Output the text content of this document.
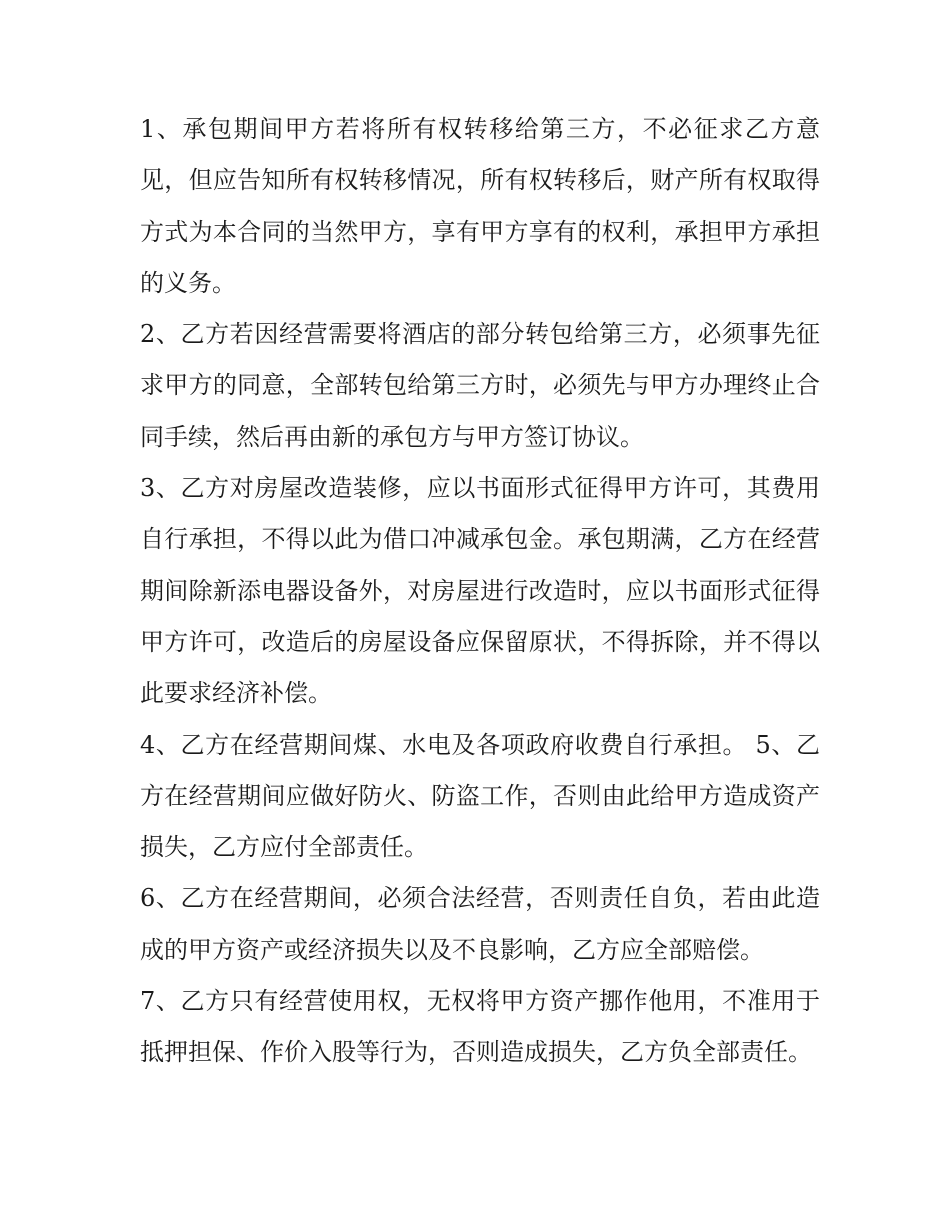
1、承包期间甲方若将所有权转移给第三方，不必征求乙方意见，但应告知所有权转移情况，所有权转移后，财产所有权取得方式为本合同的当然甲方，享有甲方享有的权利，承担甲方承担的义务。

2、乙方若因经营需要将酒店的部分转包给第三方，必须事先征求甲方的同意，全部转包给第三方时，必须先与甲方办理终止合同手续，然后再由新的承包方与甲方签订协议。

3、乙方对房屋改造装修，应以书面形式征得甲方许可，其费用自行承担，不得以此为借口冲减承包金。承包期满，乙方在经营期间除新添电器设备外，对房屋进行改造时，应以书面形式征得甲方许可，改造后的房屋设备应保留原状，不得拆除，并不得以此要求经济补偿。

4、乙方在经营期间煤、水电及各项政府收费自行承担。 5、乙方在经营期间应做好防火、防盗工作，否则由此给甲方造成资产损失，乙方应付全部责任。

6、乙方在经营期间，必须合法经营，否则责任自负，若由此造成的甲方资产或经济损失以及不良影响，乙方应全部赔偿。

7、乙方只有经营使用权，无权将甲方资产挪作他用，不准用于抵押担保、作价入股等行为，否则造成损失，乙方负全部责任。
